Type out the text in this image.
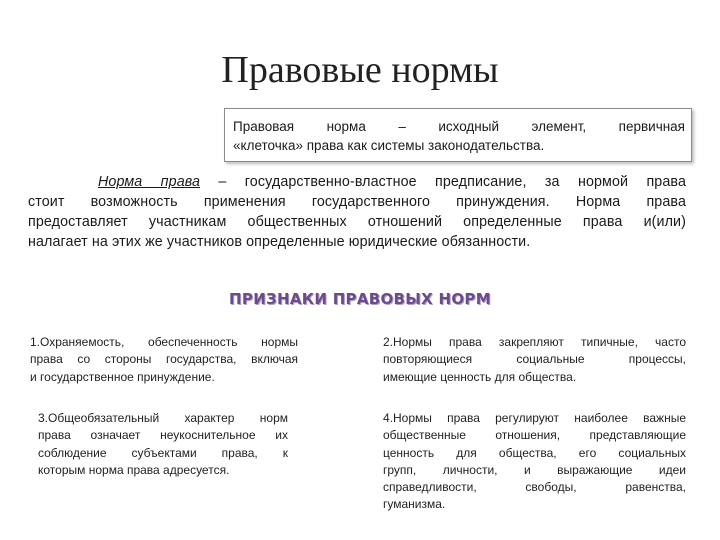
Правовые нормы
Правовая норма – исходный элемент, первичная
«клеточка» права как системы законодательства.
Норма права – государственно-властное предписание, за нормой права
стоит возможность применения государственного принуждения. Норма права
предоставляет участникам общественных отношений определенные права и(или)
налагает на этих же участников определенные юридические обязанности.
ПРИЗНАКИ ПРАВОВЫХ НОРМ
1.Охраняемость, обеспеченность нормы
права со стороны государства, включая
и государственное принуждение.
2.Нормы права закрепляют типичные, часто
повторяющиеся социальные процессы,
имеющие ценность для общества.
3.Общеобязательный характер норм
права означает неукоснительное их
соблюдение субъектами права, к
которым норма права адресуется.
4.Нормы права регулируют наиболее важные
общественные отношения, представляющие
ценность для общества, его социальных
групп, личности, и выражающие идеи
справедливости, свободы, равенства,
гуманизма.
